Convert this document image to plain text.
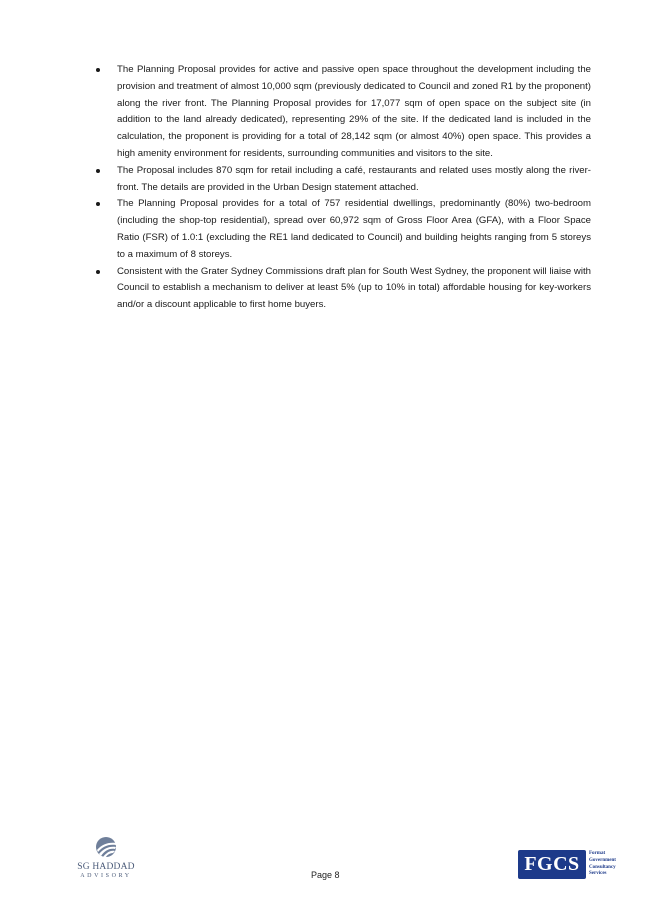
The Planning Proposal provides for active and passive open space throughout the development including the provision and treatment of almost 10,000 sqm (previously dedicated to Council and zoned R1 by the proponent) along the river front. The Planning Proposal provides for 17,077 sqm of open space on the subject site (in addition to the land already dedicated), representing 29% of the site. If the dedicated land is included in the calculation, the proponent is providing for a total of 28,142 sqm (or almost 40%) open space. This provides a high amenity environment for residents, surrounding communities and visitors to the site.
The Proposal includes 870 sqm for retail including a café, restaurants and related uses mostly along the river-front. The details are provided in the Urban Design statement attached.
The Planning Proposal provides for a total of 757 residential dwellings, predominantly (80%) two-bedroom (including the shop-top residential), spread over 60,972 sqm of Gross Floor Area (GFA), with a Floor Space Ratio (FSR) of 1.0:1 (excluding the RE1 land dedicated to Council) and building heights ranging from 5 storeys to a maximum of 8 storeys.
Consistent with the Grater Sydney Commissions draft plan for South West Sydney, the proponent will liaise with Council to establish a mechanism to deliver at least 5% (up to 10% in total) affordable housing for key-workers and/or a discount applicable to first home buyers.
SG HADDAD
ADVISORY	Page 8	FGCS	Format
Government
Consultancy
Services
